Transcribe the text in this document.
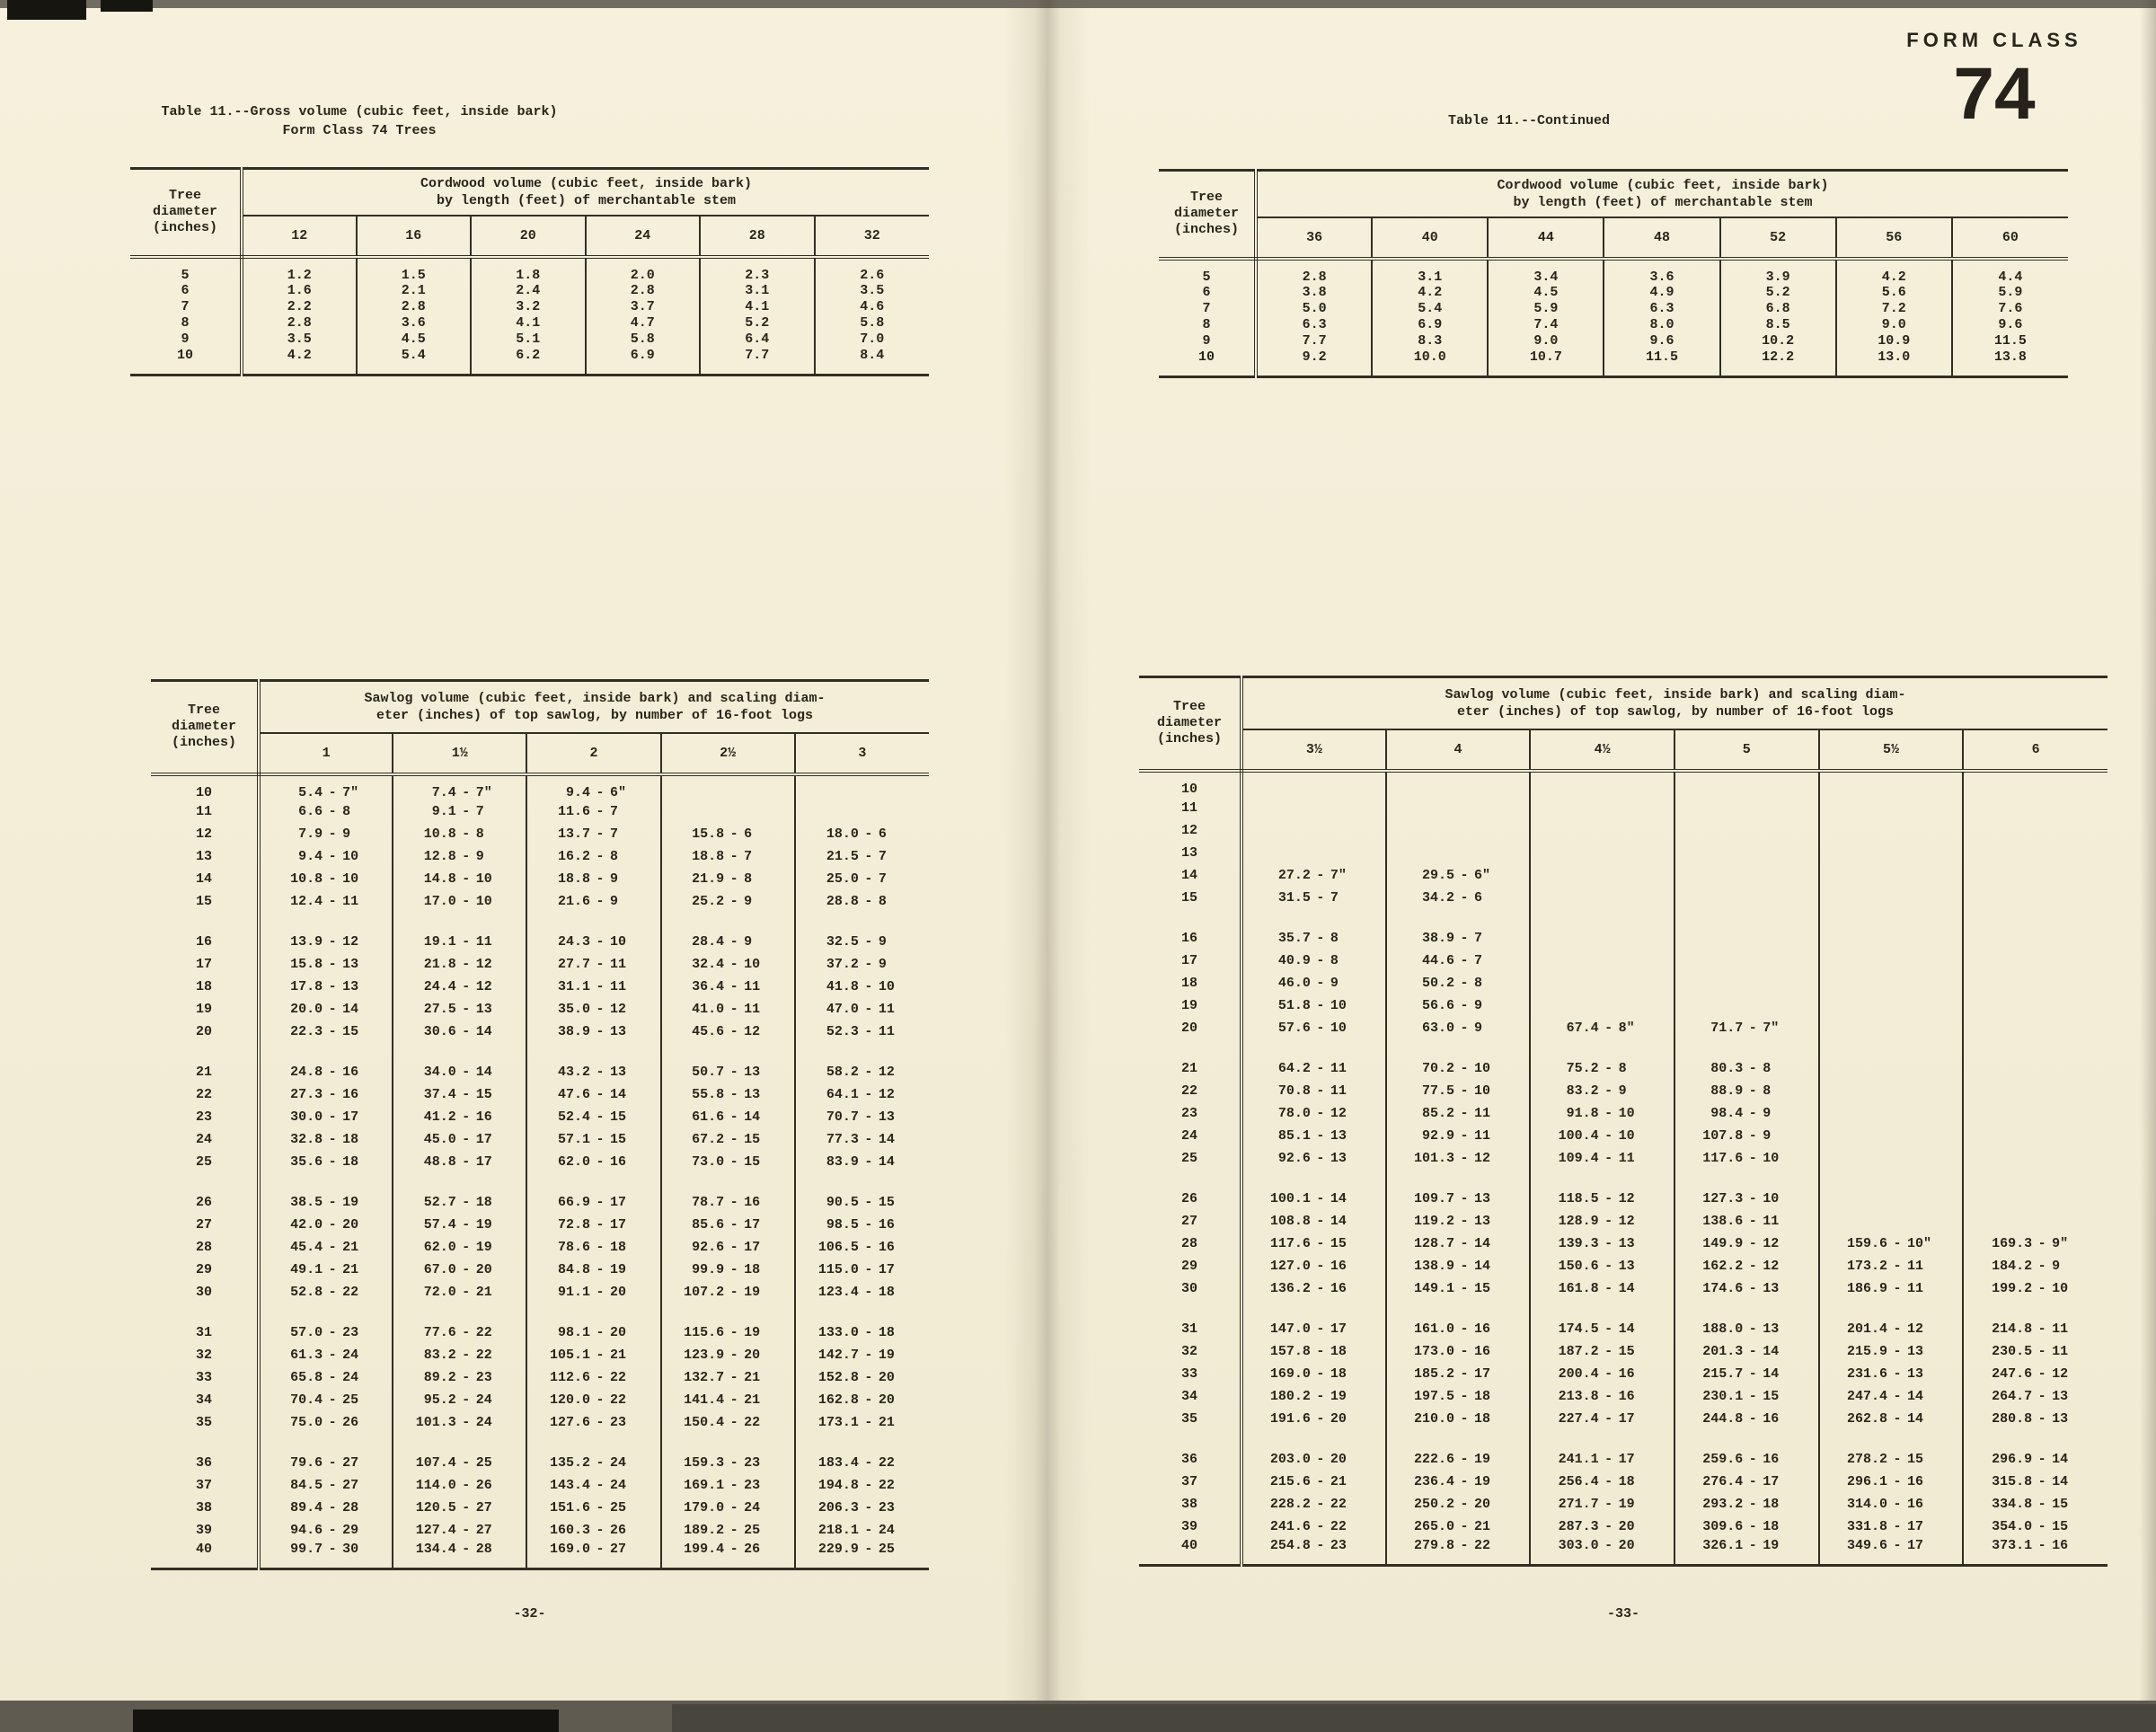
Table 11.--Gross volume (cubic feet, inside bark)
Form Class 74 Trees
Tree
diameter
(inches)

Cordwood volume (cubic feet, inside bark)
by length (feet) of merchantable stem

	12	16	20	24	28	32
5	1.2	1.5	1.8	2.0	2.3	2.6
6	1.6	2.1	2.4	2.8	3.1	3.5
7	2.2	2.8	3.2	3.7	4.1	4.6
8	2.8	3.6	4.1	4.7	5.2	5.8
9	3.5	4.5	5.1	5.8	6.4	7.0
10	4.2	5.4	6.2	6.9	7.7	8.4
Tree
diameter
(inches)

Sawlog volume (cubic feet, inside bark) and scaling diam-
eter (inches) of top sawlog, by number of 16-foot logs

	1	1½	2	2½	3
10	5.4 - 7"	7.4 - 7"	9.4 - 6"		
11	6.6 - 8	9.1 - 7	11.6 - 7		
12	7.9 - 9	10.8 - 8	13.7 - 7	15.8 - 6	18.0 - 6
13	9.4 - 10	12.8 - 9	16.2 - 8	18.8 - 7	21.5 - 7
14	10.8 - 10	14.8 - 10	18.8 - 9	21.9 - 8	25.0 - 7
15	12.4 - 11	17.0 - 10	21.6 - 9	25.2 - 9	28.8 - 8

16	13.9 - 12	19.1 - 11	24.3 - 10	28.4 - 9	32.5 - 9
17	15.8 - 13	21.8 - 12	27.7 - 11	32.4 - 10	37.2 - 9
18	17.8 - 13	24.4 - 12	31.1 - 11	36.4 - 11	41.8 - 10
19	20.0 - 14	27.5 - 13	35.0 - 12	41.0 - 11	47.0 - 11
20	22.3 - 15	30.6 - 14	38.9 - 13	45.6 - 12	52.3 - 11

21	24.8 - 16	34.0 - 14	43.2 - 13	50.7 - 13	58.2 - 12
22	27.3 - 16	37.4 - 15	47.6 - 14	55.8 - 13	64.1 - 12
23	30.0 - 17	41.2 - 16	52.4 - 15	61.6 - 14	70.7 - 13
24	32.8 - 18	45.0 - 17	57.1 - 15	67.2 - 15	77.3 - 14
25	35.6 - 18	48.8 - 17	62.0 - 16	73.0 - 15	83.9 - 14

26	38.5 - 19	52.7 - 18	66.9 - 17	78.7 - 16	90.5 - 15
27	42.0 - 20	57.4 - 19	72.8 - 17	85.6 - 17	98.5 - 16
28	45.4 - 21	62.0 - 19	78.6 - 18	92.6 - 17	106.5 - 16
29	49.1 - 21	67.0 - 20	84.8 - 19	99.9 - 18	115.0 - 17
30	52.8 - 22	72.0 - 21	91.1 - 20	107.2 - 19	123.4 - 18

31	57.0 - 23	77.6 - 22	98.1 - 20	115.6 - 19	133.0 - 18
32	61.3 - 24	83.2 - 22	105.1 - 21	123.9 - 20	142.7 - 19
33	65.8 - 24	89.2 - 23	112.6 - 22	132.7 - 21	152.8 - 20
34	70.4 - 25	95.2 - 24	120.0 - 22	141.4 - 21	162.8 - 20
35	75.0 - 26	101.3 - 24	127.6 - 23	150.4 - 22	173.1 - 21

36	79.6 - 27	107.4 - 25	135.2 - 24	159.3 - 23	183.4 - 22
37	84.5 - 27	114.0 - 26	143.4 - 24	169.1 - 23	194.8 - 22
38	89.4 - 28	120.5 - 27	151.6 - 25	179.0 - 24	206.3 - 23
39	94.6 - 29	127.4 - 27	160.3 - 26	189.2 - 25	218.1 - 24
40	99.7 - 30	134.4 - 28	169.0 - 27	199.4 - 26	229.9 - 25
-32-
FORM CLASS
74
Table 11.--Continued
Tree
diameter
(inches)

Cordwood volume (cubic feet, inside bark)
by length (feet) of merchantable stem

	36	40	44	48	52	56	60
5	2.8	3.1	3.4	3.6	3.9	4.2	4.4
6	3.8	4.2	4.5	4.9	5.2	5.6	5.9
7	5.0	5.4	5.9	6.3	6.8	7.2	7.6
8	6.3	6.9	7.4	8.0	8.5	9.0	9.6
9	7.7	8.3	9.0	9.6	10.2	10.9	11.5
10	9.2	10.0	10.7	11.5	12.2	13.0	13.8
Tree
diameter
(inches)

Sawlog volume (cubic feet, inside bark) and scaling diam-
eter (inches) of top sawlog, by number of 16-foot logs

	3½	4	4½	5	5½	6
10						
11						
12						
13						
14	27.2 - 7"	29.5 - 6"				
15	31.5 - 7	34.2 - 6				

16	35.7 - 8	38.9 - 7				
17	40.9 - 8	44.6 - 7				
18	46.0 - 9	50.2 - 8				
19	51.8 - 10	56.6 - 9				
20	57.6 - 10	63.0 - 9	67.4 - 8"	71.7 - 7"		

21	64.2 - 11	70.2 - 10	75.2 - 8	80.3 - 8		
22	70.8 - 11	77.5 - 10	83.2 - 9	88.9 - 8		
23	78.0 - 12	85.2 - 11	91.8 - 10	98.4 - 9		
24	85.1 - 13	92.9 - 11	100.4 - 10	107.8 - 9		
25	92.6 - 13	101.3 - 12	109.4 - 11	117.6 - 10		

26	100.1 - 14	109.7 - 13	118.5 - 12	127.3 - 10		
27	108.8 - 14	119.2 - 13	128.9 - 12	138.6 - 11		
28	117.6 - 15	128.7 - 14	139.3 - 13	149.9 - 12	159.6 - 10"	169.3 - 9"
29	127.0 - 16	138.9 - 14	150.6 - 13	162.2 - 12	173.2 - 11	184.2 - 9
30	136.2 - 16	149.1 - 15	161.8 - 14	174.6 - 13	186.9 - 11	199.2 - 10

31	147.0 - 17	161.0 - 16	174.5 - 14	188.0 - 13	201.4 - 12	214.8 - 11
32	157.8 - 18	173.0 - 16	187.2 - 15	201.3 - 14	215.9 - 13	230.5 - 11
33	169.0 - 18	185.2 - 17	200.4 - 16	215.7 - 14	231.6 - 13	247.6 - 12
34	180.2 - 19	197.5 - 18	213.8 - 16	230.1 - 15	247.4 - 14	264.7 - 13
35	191.6 - 20	210.0 - 18	227.4 - 17	244.8 - 16	262.8 - 14	280.8 - 13

36	203.0 - 20	222.6 - 19	241.1 - 17	259.6 - 16	278.2 - 15	296.9 - 14
37	215.6 - 21	236.4 - 19	256.4 - 18	276.4 - 17	296.1 - 16	315.8 - 14
38	228.2 - 22	250.2 - 20	271.7 - 19	293.2 - 18	314.0 - 16	334.8 - 15
39	241.6 - 22	265.0 - 21	287.3 - 20	309.6 - 18	331.8 - 17	354.0 - 15
40	254.8 - 23	279.8 - 22	303.0 - 20	326.1 - 19	349.6 - 17	373.1 - 16
-33-
